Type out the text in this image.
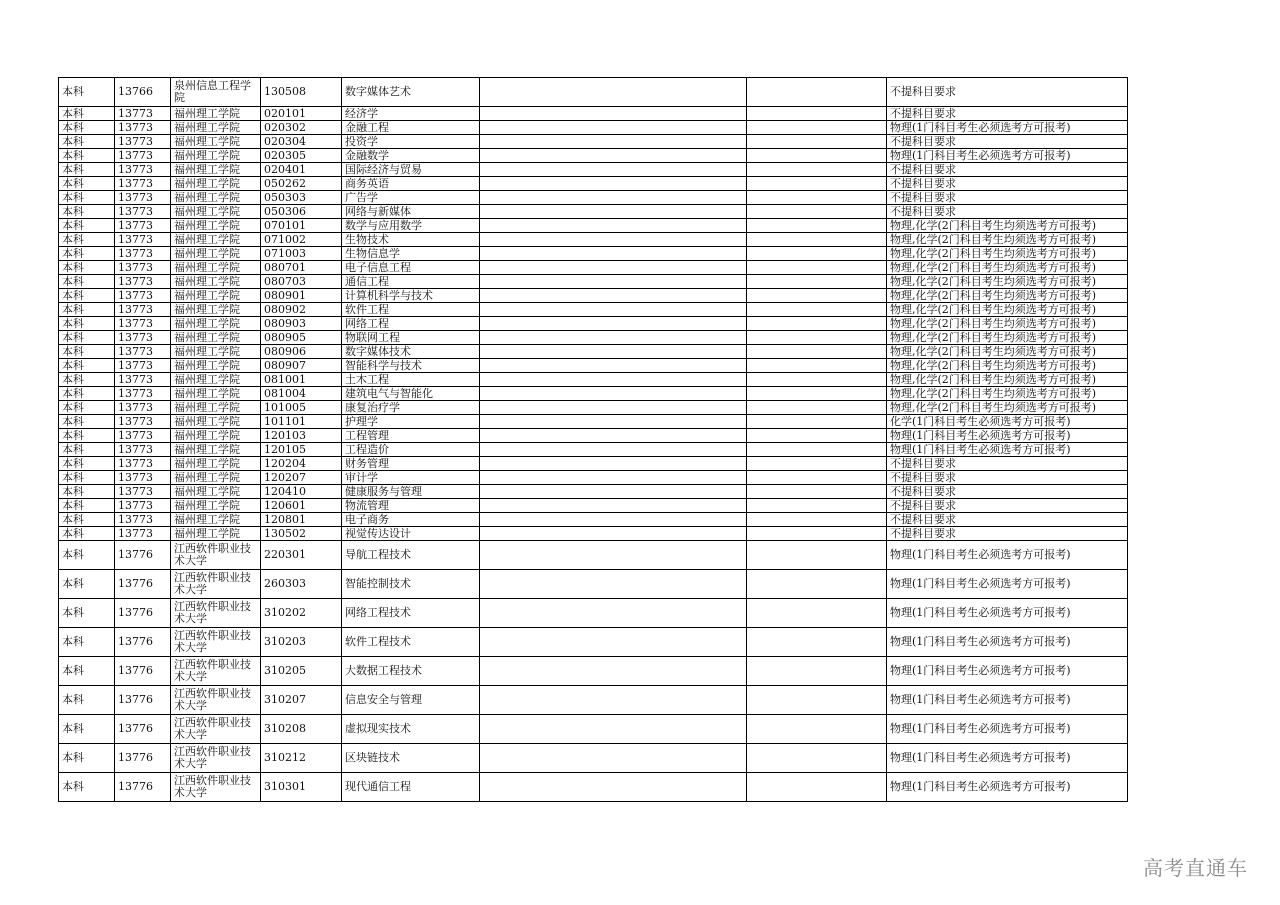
本科	13766	泉州信息工程学院	130508	数字媒体艺术			不提科目要求
本科	13773	福州理工学院	020101	经济学			不提科目要求
本科	13773	福州理工学院	020302	金融工程			物理(1门科目考生必须选考方可报考)
本科	13773	福州理工学院	020304	投资学			不提科目要求
本科	13773	福州理工学院	020305	金融数学			物理(1门科目考生必须选考方可报考)
本科	13773	福州理工学院	020401	国际经济与贸易			不提科目要求
本科	13773	福州理工学院	050262	商务英语			不提科目要求
本科	13773	福州理工学院	050303	广告学			不提科目要求
本科	13773	福州理工学院	050306	网络与新媒体			不提科目要求
本科	13773	福州理工学院	070101	数学与应用数学			物理,化学(2门科目考生均须选考方可报考)
本科	13773	福州理工学院	071002	生物技术			物理,化学(2门科目考生均须选考方可报考)
本科	13773	福州理工学院	071003	生物信息学			物理,化学(2门科目考生均须选考方可报考)
本科	13773	福州理工学院	080701	电子信息工程			物理,化学(2门科目考生均须选考方可报考)
本科	13773	福州理工学院	080703	通信工程			物理,化学(2门科目考生均须选考方可报考)
本科	13773	福州理工学院	080901	计算机科学与技术			物理,化学(2门科目考生均须选考方可报考)
本科	13773	福州理工学院	080902	软件工程			物理,化学(2门科目考生均须选考方可报考)
本科	13773	福州理工学院	080903	网络工程			物理,化学(2门科目考生均须选考方可报考)
本科	13773	福州理工学院	080905	物联网工程			物理,化学(2门科目考生均须选考方可报考)
本科	13773	福州理工学院	080906	数字媒体技术			物理,化学(2门科目考生均须选考方可报考)
本科	13773	福州理工学院	080907	智能科学与技术			物理,化学(2门科目考生均须选考方可报考)
本科	13773	福州理工学院	081001	土木工程			物理,化学(2门科目考生均须选考方可报考)
本科	13773	福州理工学院	081004	建筑电气与智能化			物理,化学(2门科目考生均须选考方可报考)
本科	13773	福州理工学院	101005	康复治疗学			物理,化学(2门科目考生均须选考方可报考)
本科	13773	福州理工学院	101101	护理学			化学(1门科目考生必须选考方可报考)
本科	13773	福州理工学院	120103	工程管理			物理(1门科目考生必须选考方可报考)
本科	13773	福州理工学院	120105	工程造价			物理(1门科目考生必须选考方可报考)
本科	13773	福州理工学院	120204	财务管理			不提科目要求
本科	13773	福州理工学院	120207	审计学			不提科目要求
本科	13773	福州理工学院	120410	健康服务与管理			不提科目要求
本科	13773	福州理工学院	120601	物流管理			不提科目要求
本科	13773	福州理工学院	120801	电子商务			不提科目要求
本科	13773	福州理工学院	130502	视觉传达设计			不提科目要求
本科	13776	江西软件职业技术大学	220301	导航工程技术			物理(1门科目考生必须选考方可报考)
本科	13776	江西软件职业技术大学	260303	智能控制技术			物理(1门科目考生必须选考方可报考)
本科	13776	江西软件职业技术大学	310202	网络工程技术			物理(1门科目考生必须选考方可报考)
本科	13776	江西软件职业技术大学	310203	软件工程技术			物理(1门科目考生必须选考方可报考)
本科	13776	江西软件职业技术大学	310205	大数据工程技术			物理(1门科目考生必须选考方可报考)
本科	13776	江西软件职业技术大学	310207	信息安全与管理			物理(1门科目考生必须选考方可报考)
本科	13776	江西软件职业技术大学	310208	虚拟现实技术			物理(1门科目考生必须选考方可报考)
本科	13776	江西软件职业技术大学	310212	区块链技术			物理(1门科目考生必须选考方可报考)
本科	13776	江西软件职业技术大学	310301	现代通信工程			物理(1门科目考生必须选考方可报考)
高考直通车
